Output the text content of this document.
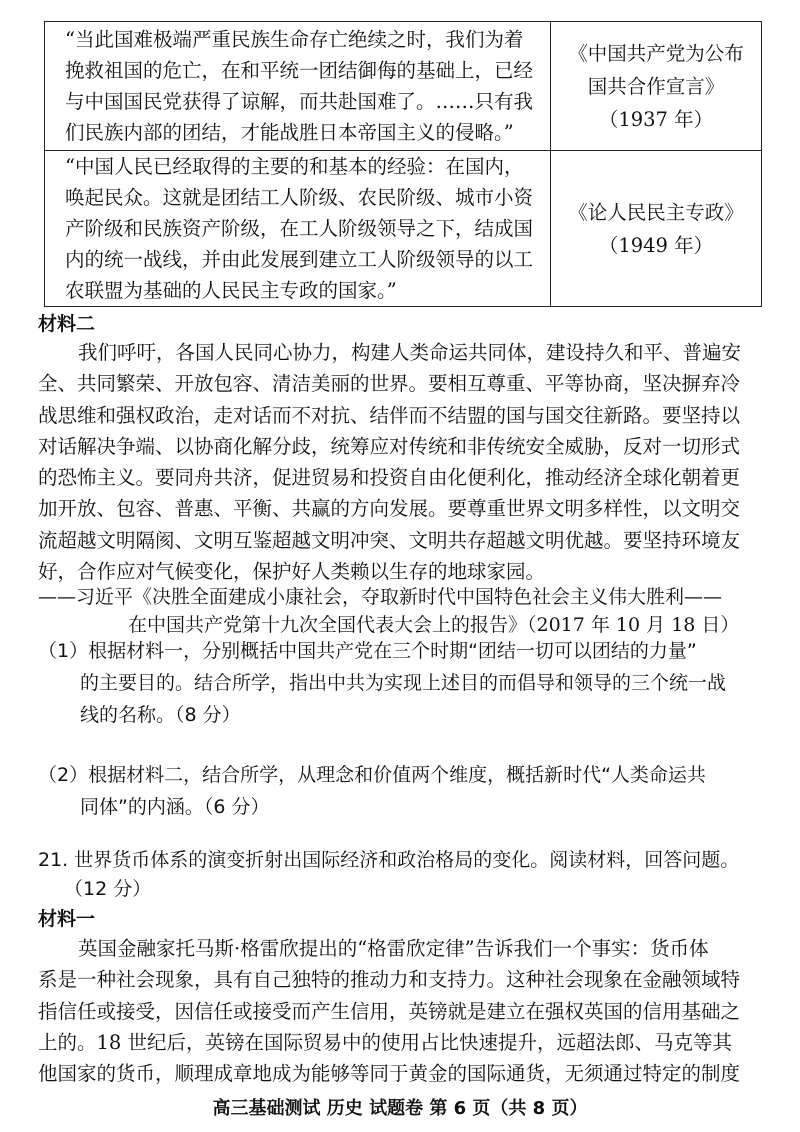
“当此国难极端严重民族生命存亡绝续之时，我们为着
挽救祖国的危亡，在和平统一团结御侮的基础上，已经
与中国国民党获得了谅解，而共赴国难了。……只有我
们民族内部的团结，才能战胜日本帝国主义的侵略。”	《中国共产党为公布
国共合作宣言》
（1937 年）

“中国人民已经取得的主要的和基本的经验：在国内，
唤起民众。这就是团结工人阶级、农民阶级、城市小资
产阶级和民族资产阶级，在工人阶级领导之下，结成国
内的统一战线，并由此发展到建立工人阶级领导的以工
农联盟为基础的人民民主专政的国家。”	《论人民民主专政》
（1949 年）
材料二
我们呼吁，各国人民同心协力，构建人类命运共同体，建设持久和平、普遍安
全、共同繁荣、开放包容、清洁美丽的世界。要相互尊重、平等协商，坚决摒弃冷
战思维和强权政治，走对话而不对抗、结伴而不结盟的国与国交往新路。要坚持以
对话解决争端、以协商化解分歧，统筹应对传统和非传统安全威胁，反对一切形式
的恐怖主义。要同舟共济，促进贸易和投资自由化便利化，推动经济全球化朝着更
加开放、包容、普惠、平衡、共赢的方向发展。要尊重世界文明多样性，以文明交
流超越文明隔阂、文明互鉴超越文明冲突、文明共存超越文明优越。要坚持环境友
好，合作应对气候变化，保护好人类赖以生存的地球家园。
——习近平《决胜全面建成小康社会，夺取新时代中国特色社会主义伟大胜利——
在中国共产党第十九次全国代表大会上的报告》（2017 年 10 月 18 日）
（1）根据材料一，分别概括中国共产党在三个时期“团结一切可以团结的力量”
的主要目的。结合所学，指出中共为实现上述目的而倡导和领导的三个统一战
线的名称。（8 分）
（2）根据材料二，结合所学，从理念和价值两个维度，概括新时代“人类命运共
同体”的内涵。（6 分）
21. 世界货币体系的演变折射出国际经济和政治格局的变化。阅读材料，回答问题。
（12 分）
材料一
英国金融家托马斯·格雷欣提出的“格雷欣定律”告诉我们一个事实：货币体
系是一种社会现象，具有自己独特的推动力和支持力。这种社会现象在金融领域特
指信任或接受，因信任或接受而产生信用，英镑就是建立在强权英国的信用基础之
上的。18 世纪后，英镑在国际贸易中的使用占比快速提升，远超法郎、马克等其
他国家的货币，顺理成章地成为能够等同于黄金的国际通货，无须通过特定的制度
高三基础测试 历史 试题卷 第 6 页（共 8 页）
